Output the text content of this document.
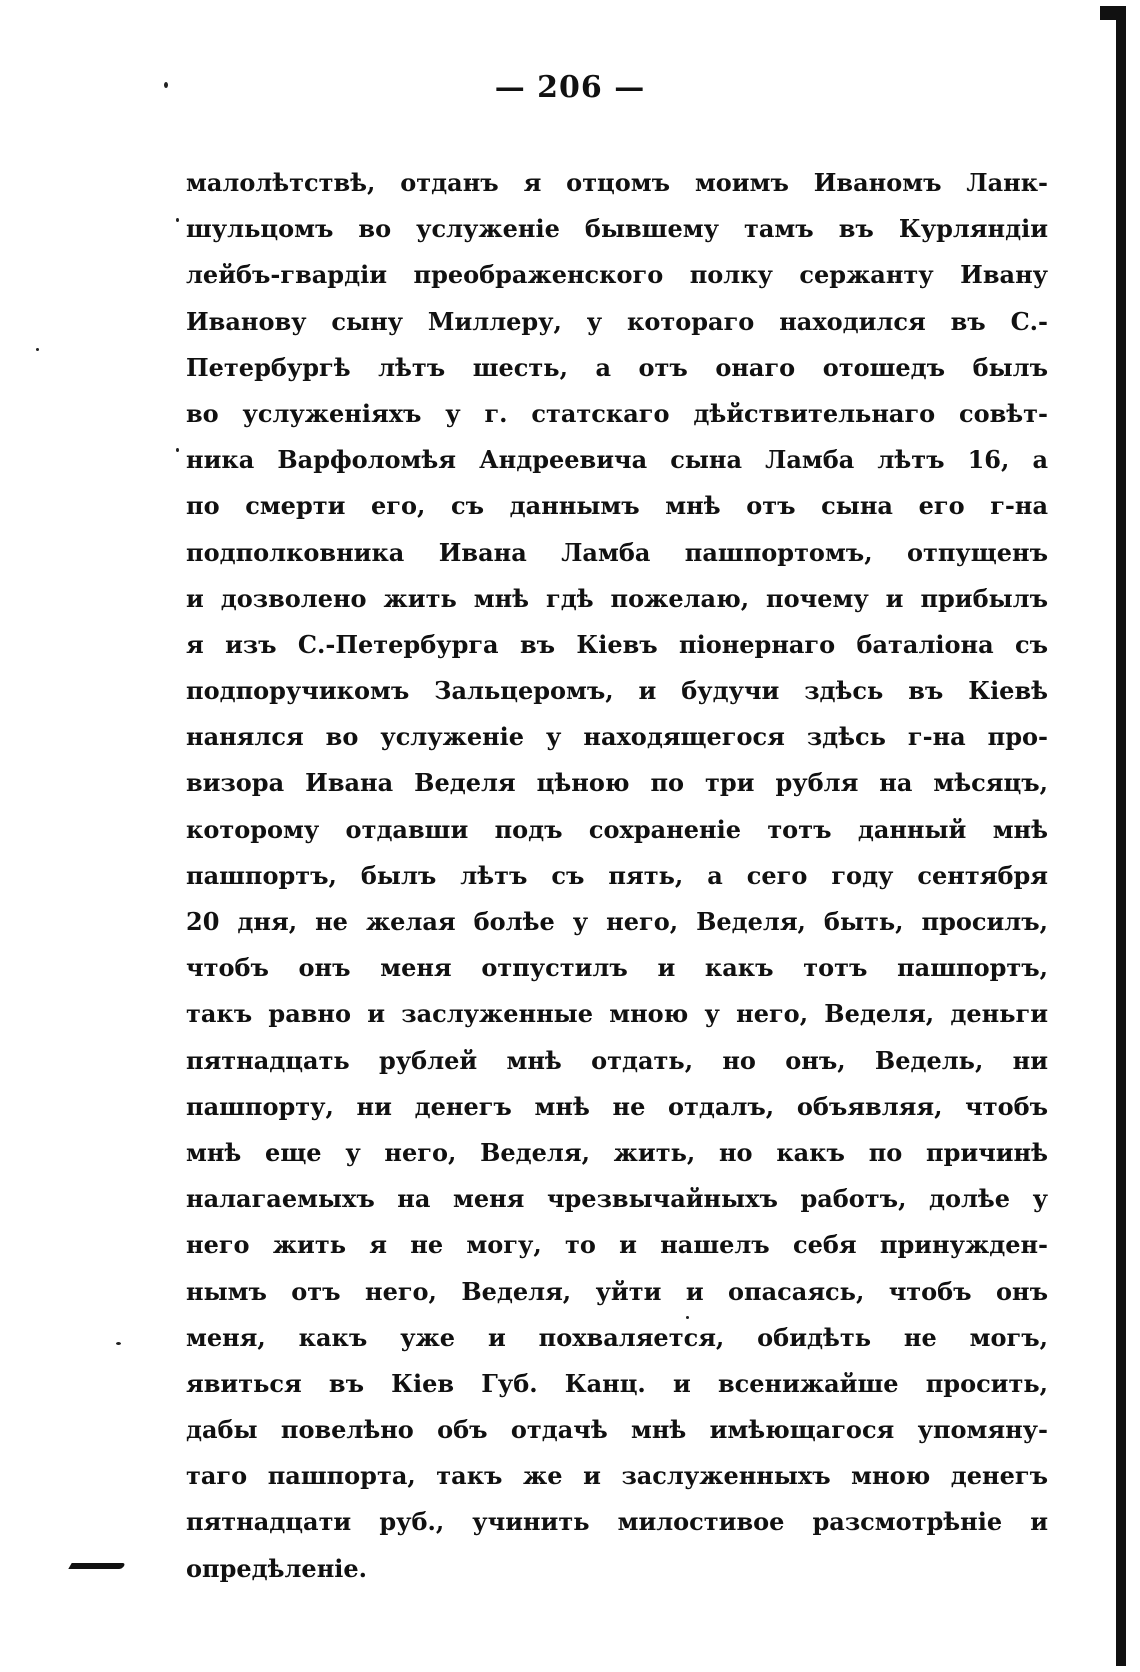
— 206 —
малолѣтствѣ, отданъ я отцомъ моимъ Иваномъ Ланк-
шульцомъ во услуженіе бывшему тамъ въ Курляндіи
лейбъ-гвардіи преображенского полку сержанту Ивану
Иванову сыну Миллеру, у котораго находился въ С.-
Петербургѣ лѣтъ шесть, а отъ онаго отошедъ былъ
во услуженіяхъ у г. статскаго дѣйствительнаго совѣт-
ника Варфоломѣя Андреевича сына Ламба лѣтъ 16, а
по смерти его, съ даннымъ мнѣ отъ сына его г-на
подполковника Ивана Ламба пашпортомъ, отпущенъ
и дозволено жить мнѣ гдѣ пожелаю, почему и прибылъ
я изъ С.-Петербурга въ Кіевъ піонернаго баталіона съ
подпоручикомъ Зальцеромъ, и будучи здѣсь въ Кіевѣ
нанялся во услуженіе у находящегося здѣсь г-на про-
визора Ивана Веделя цѣною по три рубля на мѣсяцъ,
которому отдавши подъ сохраненіе тотъ данный мнѣ
пашпортъ, былъ лѣтъ съ пять, а сего году сентября
20 дня, не желая болѣе у него, Веделя, быть, просилъ,
чтобъ онъ меня отпустилъ и какъ тотъ пашпортъ,
такъ равно и заслуженные мною у него, Веделя, деньги
пятнадцать рублей мнѣ отдать, но онъ, Ведель, ни
пашпорту, ни денегъ мнѣ не отдалъ, объявляя, чтобъ
мнѣ еще у него, Веделя, жить, но какъ по причинѣ
налагаемыхъ на меня чрезвычайныхъ работъ, долѣе у
него жить я не могу, то и нашелъ себя принужден-
нымъ отъ него, Веделя, уйти и опасаясь, чтобъ онъ
меня, какъ уже и похваляется, обидѣть не могъ,
явиться въ Кіев Губ. Канц. и всенижайше просить,
дабы повелѣно объ отдачѣ мнѣ имѣющагося упомяну-
таго пашпорта, такъ же и заслуженныхъ мною денегъ
пятнадцати руб., учинить милостивое разсмотрѣніе и
опредѣленіе.
